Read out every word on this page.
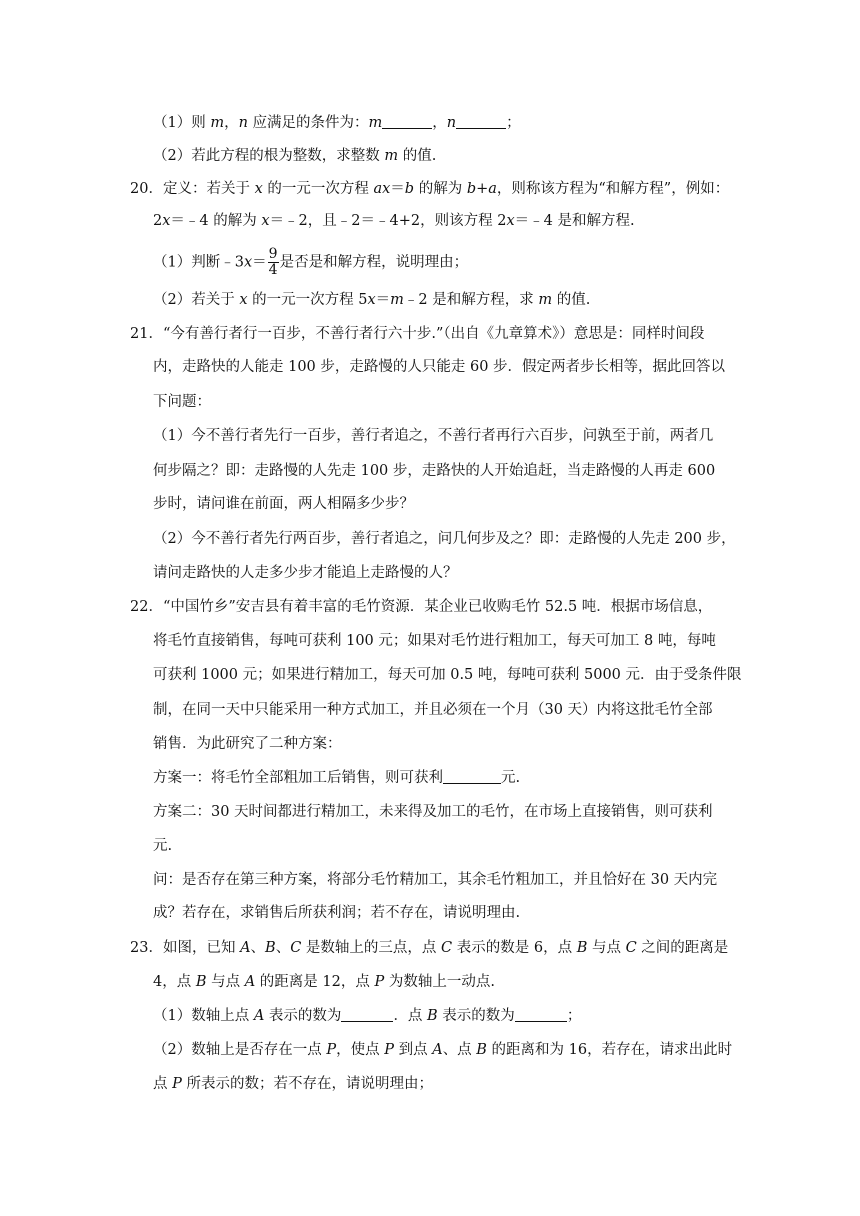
（1）则 m，n 应满足的条件为：m	，n	；
（2）若此方程的根为整数，求整数 m 的值.
20．定义：若关于 x 的一元一次方程 ax＝b 的解为 b+a，则称该方程为“和解方程”，例如：
2x＝﹣4 的解为 x＝﹣2，且﹣2＝﹣4+2，则该方程 2x＝﹣4 是和解方程.
（1）判断﹣3x＝ $\frac{9}{4}$ 是否是和解方程，说明理由；
（2）若关于 x 的一元一次方程 5x＝m﹣2 是和解方程，求 m 的值.
21．“今有善行者行一百步，不善行者行六十步.”（出自《九章算术》）意思是：同样时间段
内，走路快的人能走 100 步，走路慢的人只能走 60 步．假定两者步长相等，据此回答以
下问题：
（1）今不善行者先行一百步，善行者追之，不善行者再行六百步，问孰至于前，两者几
何步隔之？即：走路慢的人先走 100 步，走路快的人开始追赶，当走路慢的人再走 600
步时，请问谁在前面，两人相隔多少步？
（2）今不善行者先行两百步，善行者追之，问几何步及之？即：走路慢的人先走 200 步，
请问走路快的人走多少步才能追上走路慢的人？
22．“中国竹乡”安吉县有着丰富的毛竹资源．某企业已收购毛竹 52.5 吨．根据市场信息，
将毛竹直接销售，每吨可获利 100 元；如果对毛竹进行粗加工，每天可加工 8 吨，每吨
可获利 1000 元；如果进行精加工，每天可加 0.5 吨，每吨可获利 5000 元．由于受条件限
制，在同一天中只能采用一种方式加工，并且必须在一个月（30 天）内将这批毛竹全部
销售．为此研究了二种方案：
方案一：将毛竹全部粗加工后销售，则可获利	元.
方案二：30 天时间都进行精加工，未来得及加工的毛竹，在市场上直接销售，则可获利
元.
问：是否存在第三种方案，将部分毛竹精加工，其余毛竹粗加工，并且恰好在 30 天内完
成？若存在，求销售后所获利润；若不存在，请说明理由.
23．如图，已知 A、B、C 是数轴上的三点，点 C 表示的数是 6，点 B 与点 C 之间的距离是
4，点 B 与点 A 的距离是 12，点 P 为数轴上一动点.
（1）数轴上点 A 表示的数为	．点 B 表示的数为	；
（2）数轴上是否存在一点 P，使点 P 到点 A、点 B 的距离和为 16，若存在，请求出此时
点 P 所表示的数；若不存在，请说明理由；
